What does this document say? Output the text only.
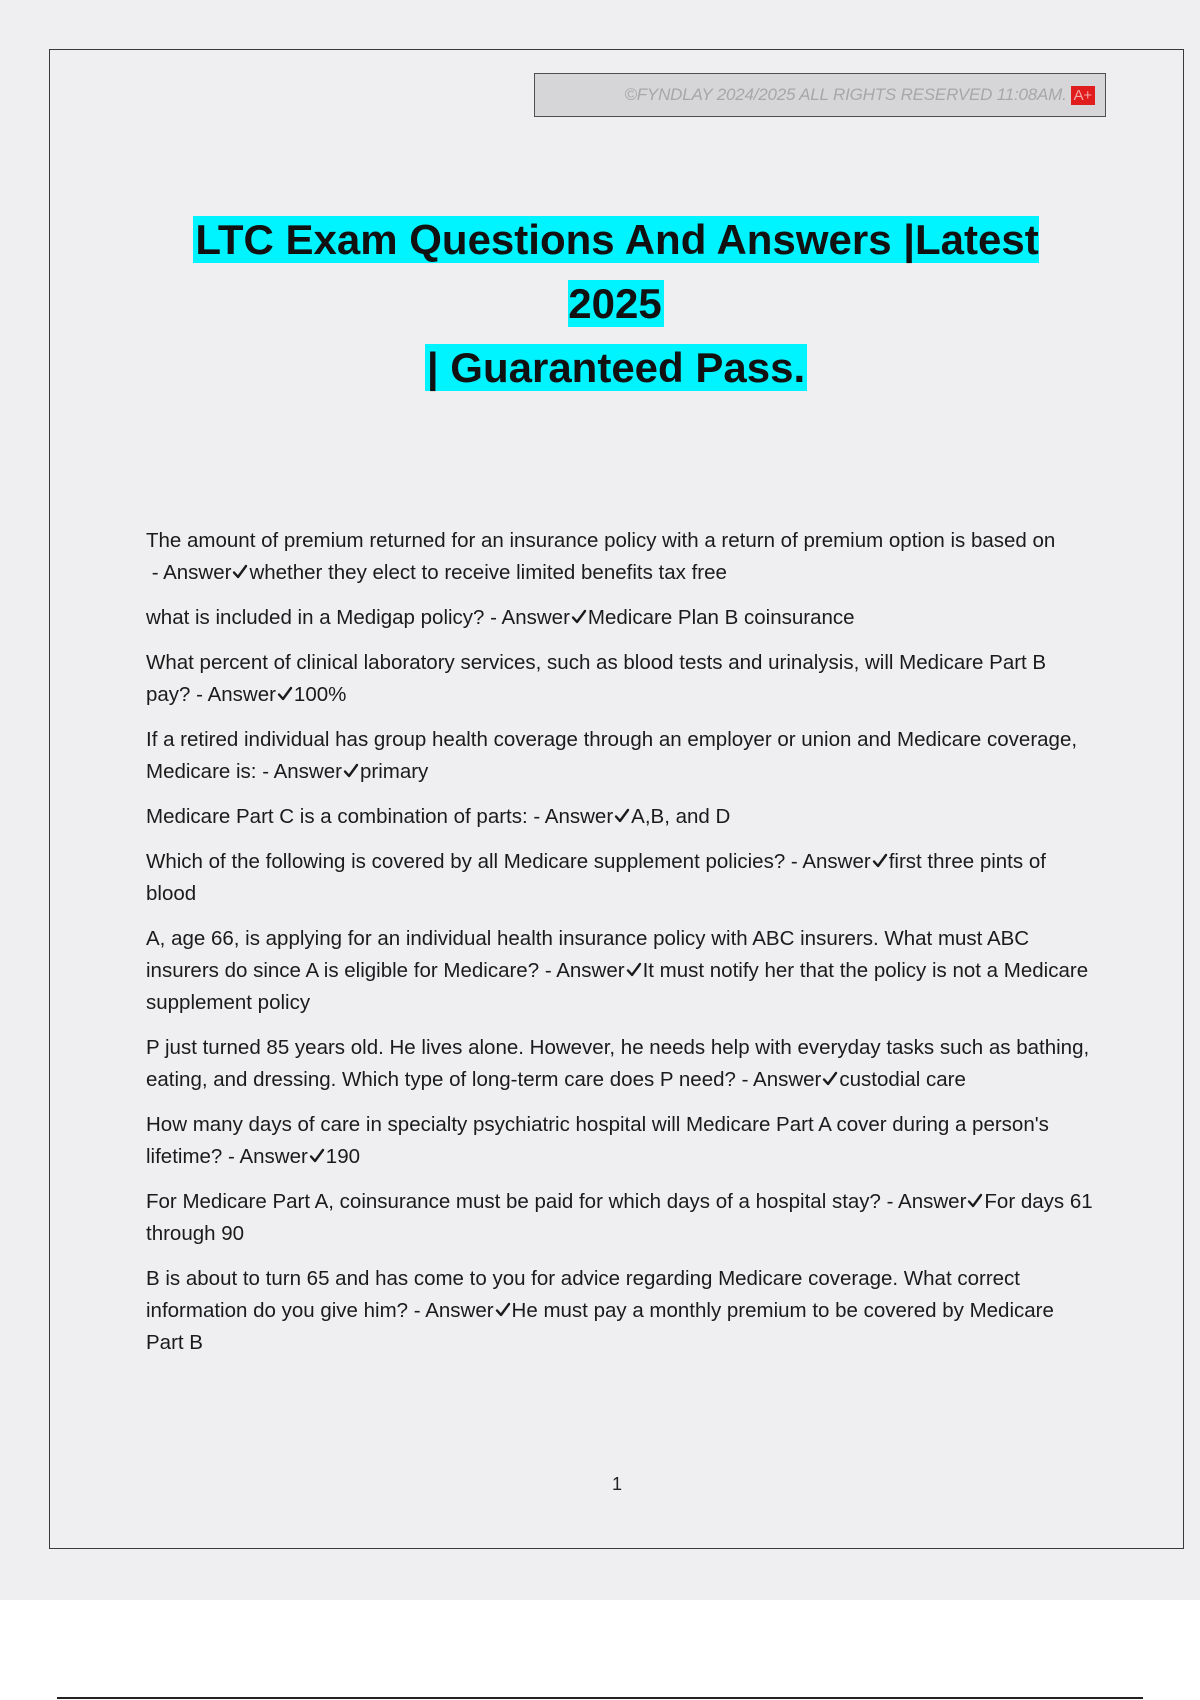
©FYNDLAY 2024/2025 ALL RIGHTS RESERVED 11:08AM. A+
LTC Exam Questions And Answers |Latest 2025
| Guaranteed Pass.

The amount of premium returned for an insurance policy with a return of premium option is based on - Answer whether they elect to receive limited benefits tax free

what is included in a Medigap policy? - Answer Medicare Plan B coinsurance

What percent of clinical laboratory services, such as blood tests and urinalysis, will Medicare Part B pay? - Answer 100%

If a retired individual has group health coverage through an employer or union and Medicare coverage, Medicare is: - Answer primary

Medicare Part C is a combination of parts: - Answer A,B, and D

Which of the following is covered by all Medicare supplement policies? - Answer first three pints of blood

A, age 66, is applying for an individual health insurance policy with ABC insurers. What must ABC insurers do since A is eligible for Medicare? - Answer It must notify her that the policy is not a Medicare supplement policy

P just turned 85 years old. He lives alone. However, he needs help with everyday tasks such as bathing, eating, and dressing. Which type of long-term care does P need? - Answer custodial care

How many days of care in specialty psychiatric hospital will Medicare Part A cover during a person's lifetime? - Answer 190

For Medicare Part A, coinsurance must be paid for which days of a hospital stay? - Answer For days 61 through 90

B is about to turn 65 and has come to you for advice regarding Medicare coverage. What correct information do you give him? - Answer He must pay a monthly premium to be covered by Medicare Part B

1
